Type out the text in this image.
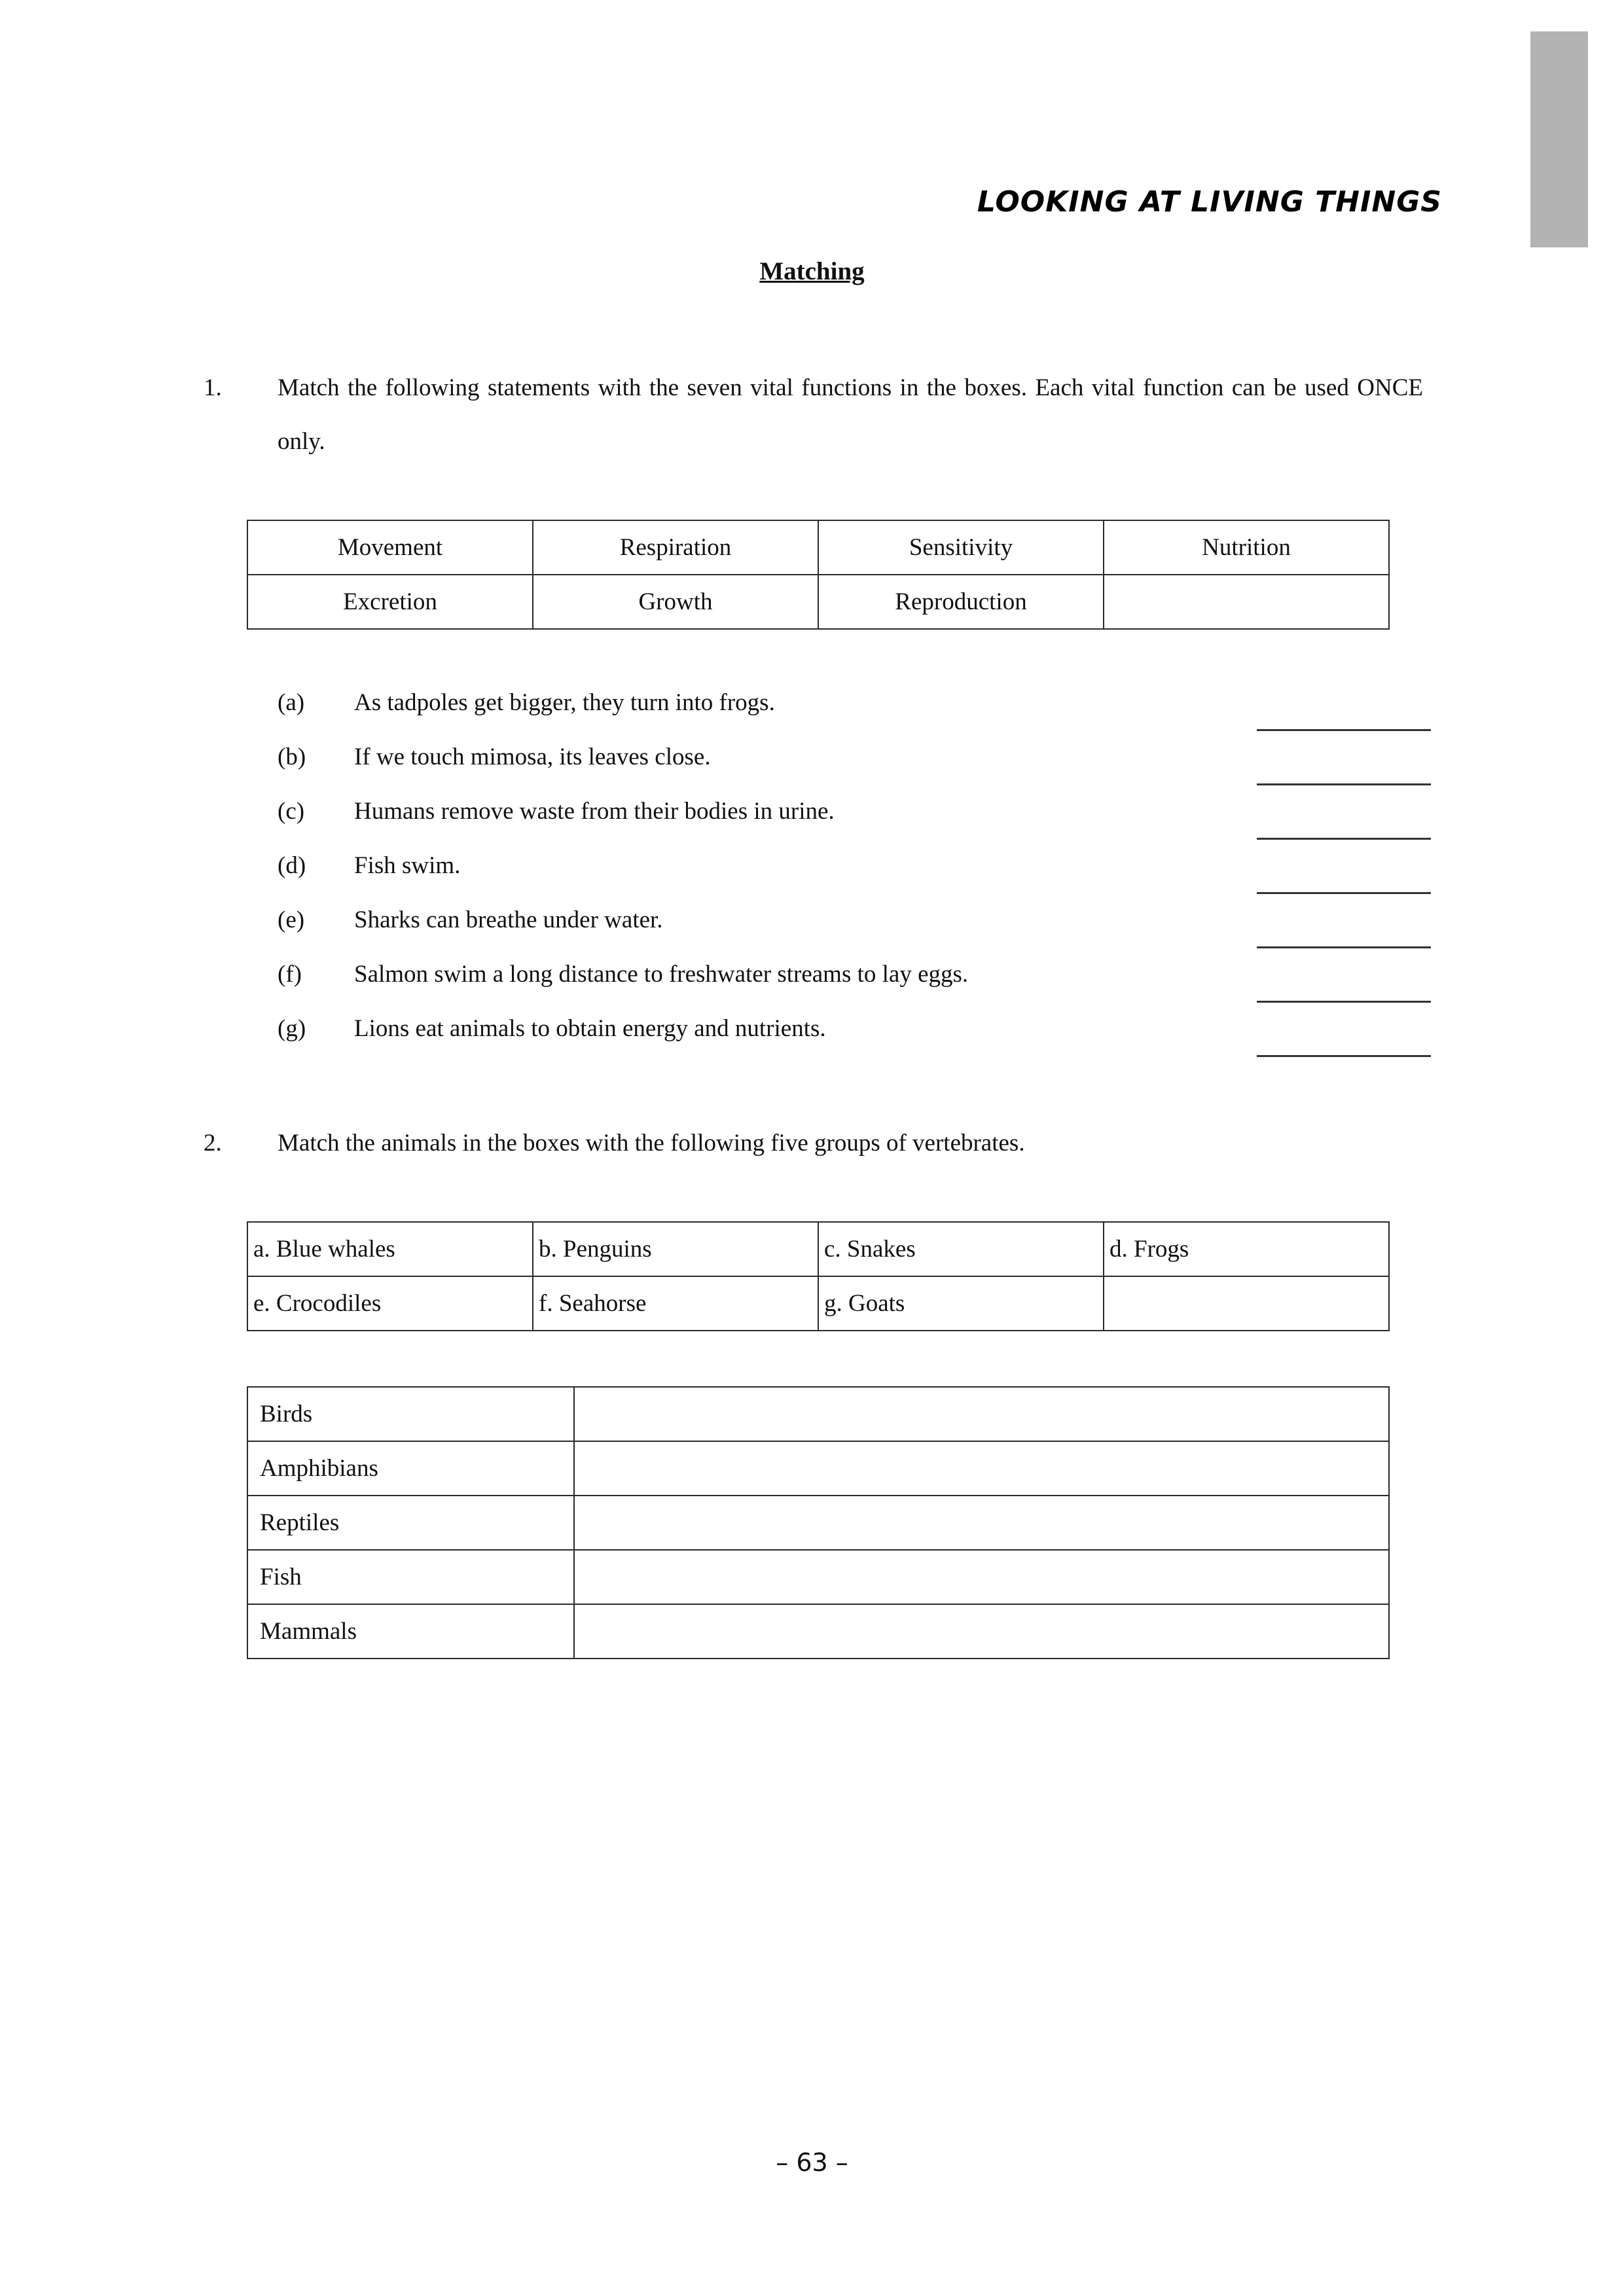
LOOKING AT LIVING THINGS
Matching
1.	Match the following statements with the seven vital functions in the boxes. Each vital function can be used ONCE only.
Movement	Respiration	Sensitivity	Nutrition
Excretion	Growth	Reproduction	
(a)	As tadpoles get bigger, they turn into frogs.
(b)	If we touch mimosa, its leaves close.
(c)	Humans remove waste from their bodies in urine.
(d)	Fish swim.
(e)	Sharks can breathe under water.
(f)	Salmon swim a long distance to freshwater streams to lay eggs.
(g)	Lions eat animals to obtain energy and nutrients.
2.	Match the animals in the boxes with the following five groups of vertebrates.
a. Blue whales	b. Penguins	c. Snakes	d. Frogs
e. Crocodiles	f. Seahorse	g. Goats	
Birds	
Amphibians	
Reptiles	
Fish	
Mammals	
– 63 –
